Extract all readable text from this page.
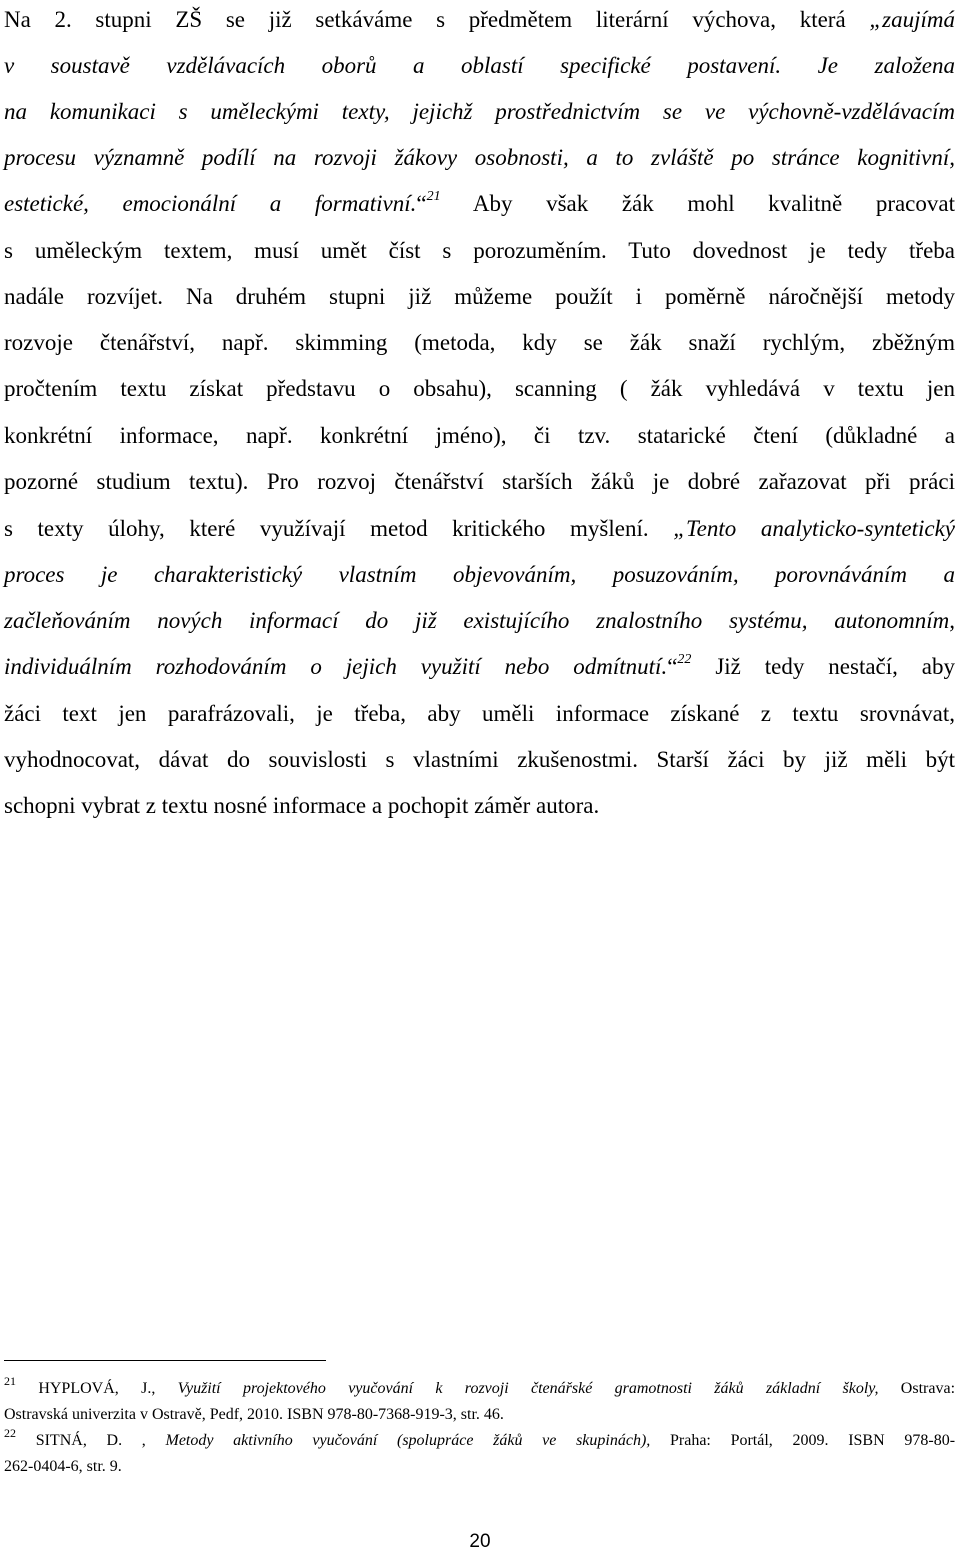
Na 2. stupni ZŠ se již setkáváme s předmětem literární výchova, která „zaujímá
v soustavě vzdělávacích oborů a oblastí specifické postavení. Je založena
na komunikaci s uměleckými texty, jejichž prostřednictvím se ve výchovně-vzdělávacím
procesu významně podílí na rozvoji žákovy osobnosti, a to zvláště po stránce kognitivní,
estetické, emocionální a formativní.“$^{21}$ Aby však žák mohl kvalitně pracovat
s uměleckým textem, musí umět číst s porozuměním. Tuto dovednost je tedy třeba
nadále rozvíjet. Na druhém stupni již můžeme použít i poměrně náročnější metody
rozvoje čtenářství, např. skimming (metoda, kdy se žák snaží rychlým, zběžným
pročtením textu získat představu o obsahu), scanning ( žák vyhledává v textu jen
konkrétní informace, např. konkrétní jméno), či tzv. statarické čtení (důkladné a
pozorné studium textu). Pro rozvoj čtenářství starších žáků je dobré zařazovat při práci
s texty úlohy, které využívají metod kritického myšlení. „Tento analyticko-syntetický
proces je charakteristický vlastním objevováním, posuzováním, porovnáváním a
začleňováním nových informací do již existujícího znalostního systému, autonomním,
individuálním rozhodováním o jejich využití nebo odmítnutí.“$^{22}$ Již tedy nestačí, aby
žáci text jen parafrázovali, je třeba, aby uměli informace získané z textu srovnávat,
vyhodnocovat, dávat do souvislosti s vlastními zkušenostmi. Starší žáci by již měli být
schopni vybrat z textu nosné informace a pochopit záměr autora.
$^{21}$ HYPLOVÁ, J., Využití projektového vyučování k rozvoji čtenářské gramotnosti žáků základní školy, Ostrava:
Ostravská univerzita v Ostravě, Pedf, 2010. ISBN 978-80-7368-919-3, str. 46.
$^{22}$ SITNÁ, D. , Metody aktivního vyučování (spolupráce žáků ve skupinách), Praha: Portál, 2009. ISBN 978-80-
262-0404-6, str. 9.
20
